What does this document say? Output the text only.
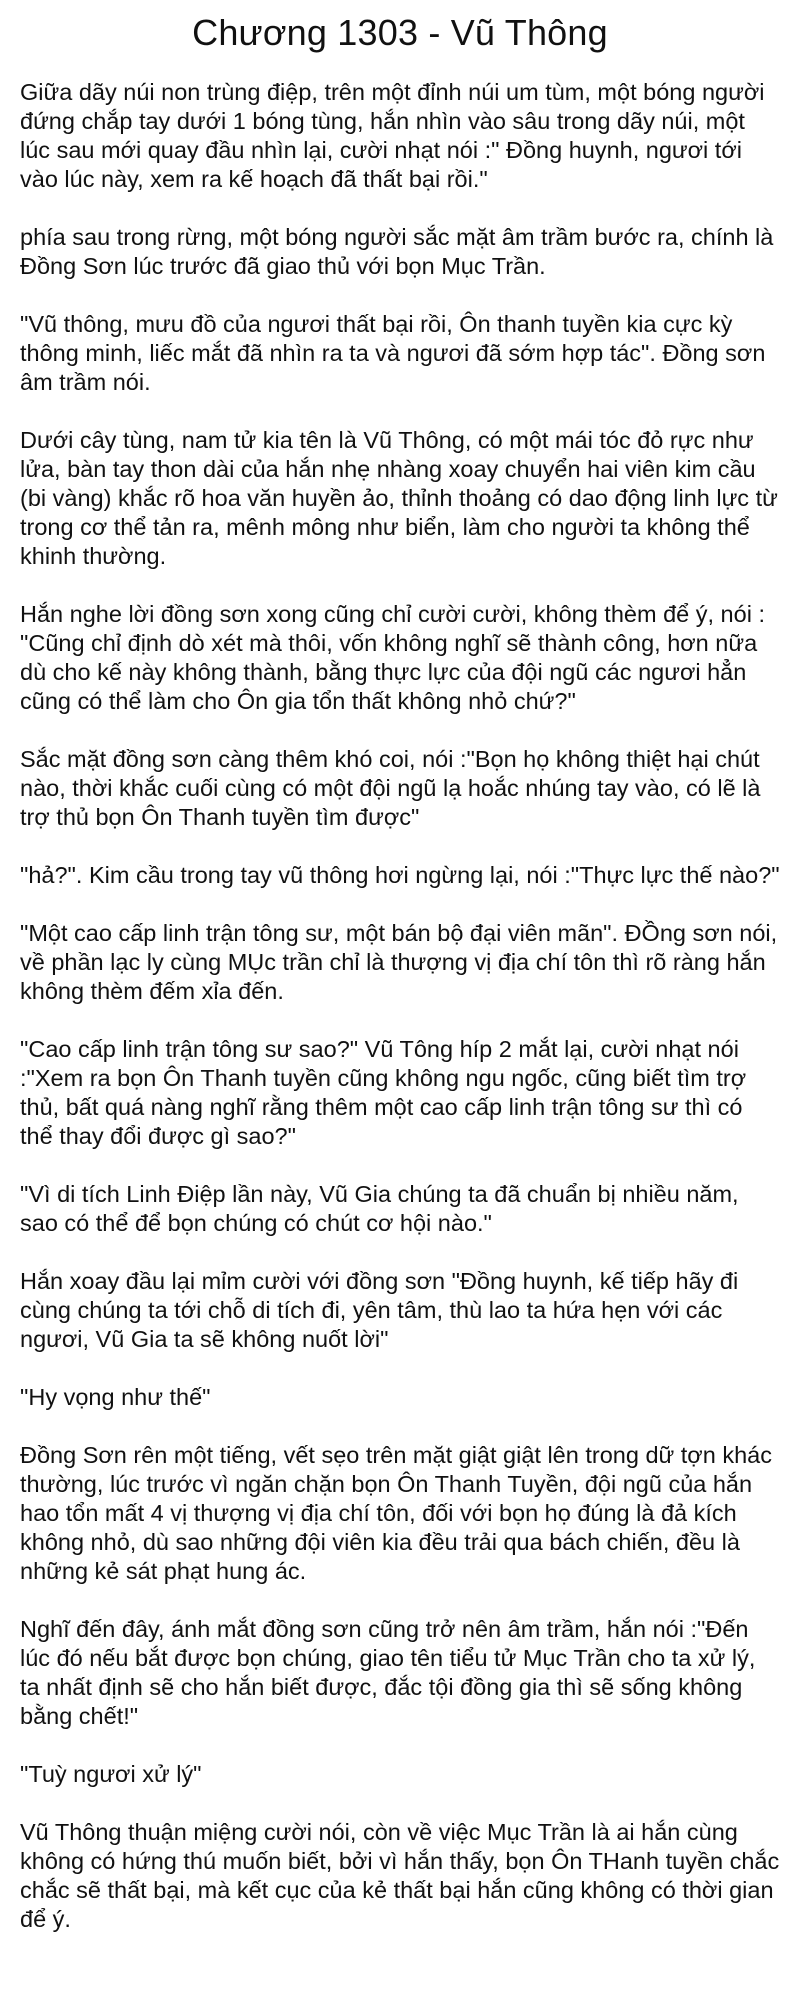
Chương 1303 - Vũ Thông

Giữa dãy núi non trùng điệp, trên một đỉnh núi um tùm, một bóng người đứng chắp tay dưới 1 bóng tùng, hắn nhìn vào sâu trong dãy núi, một lúc sau mới quay đầu nhìn lại, cười nhạt nói :" Đồng huynh, ngươi tới vào lúc này, xem ra kế hoạch đã thất bại rồi."

phía sau trong rừng, một bóng người sắc mặt âm trầm bước ra, chính là Đồng Sơn lúc trước đã giao thủ với bọn Mục Trần.

"Vũ thông, mưu đồ của ngươi thất bại rồi, Ôn thanh tuyền kia cực kỳ thông minh, liếc mắt đã nhìn ra ta và ngươi đã sớm hợp tác". Đồng sơn âm trầm nói.

Dưới cây tùng, nam tử kia tên là Vũ Thông, có một mái tóc đỏ rực như lửa, bàn tay thon dài của hắn nhẹ nhàng xoay chuyển hai viên kim cầu (bi vàng) khắc rõ hoa văn huyền ảo, thỉnh thoảng có dao động linh lực từ trong cơ thể tản ra, mênh mông như biển, làm cho người ta không thể khinh thường.

Hắn nghe lời đồng sơn xong cũng chỉ cười cười, không thèm để ý, nói : "Cũng chỉ định dò xét mà thôi, vốn không nghĩ sẽ thành công, hơn nữa dù cho kế này không thành, bằng thực lực của đội ngũ các ngươi hẳn cũng có thể làm cho Ôn gia tổn thất không nhỏ chứ?"

Sắc mặt đồng sơn càng thêm khó coi, nói :"Bọn họ không thiệt hại chút nào, thời khắc cuối cùng có một đội ngũ lạ hoắc nhúng tay vào, có lẽ là trợ thủ bọn Ôn Thanh tuyền tìm được"

"hả?". Kim cầu trong tay vũ thông hơi ngừng lại, nói :"Thực lực thế nào?"

"Một cao cấp linh trận tông sư, một bán bộ đại viên mãn". ĐỒng sơn nói, về phần lạc ly cùng MỤc trần chỉ là thượng vị địa chí tôn thì rõ ràng hắn không thèm đếm xỉa đến.

"Cao cấp linh trận tông sư sao?" Vũ Tông híp 2 mắt lại, cười nhạt nói :"Xem ra bọn Ôn Thanh tuyền cũng không ngu ngốc, cũng biết tìm trợ thủ, bất quá nàng nghĩ rằng thêm một cao cấp linh trận tông sư thì có thể thay đổi được gì sao?"

"Vì di tích Linh Điệp lần này, Vũ Gia chúng ta đã chuẩn bị nhiều năm, sao có thể để bọn chúng có chút cơ hội nào."

Hắn xoay đầu lại mỉm cười với đồng sơn "Đồng huynh, kế tiếp hãy đi cùng chúng ta tới chỗ di tích đi, yên tâm, thù lao ta hứa hẹn với các ngươi, Vũ Gia ta sẽ không nuốt lời"

"Hy vọng như thế"

Đồng Sơn rên một tiếng, vết sẹo trên mặt giật giật lên trong dữ tợn khác thường, lúc trước vì ngăn chặn bọn Ôn Thanh Tuyền, đội ngũ của hắn hao tổn mất 4 vị thượng vị địa chí tôn, đối với bọn họ đúng là đả kích không nhỏ, dù sao những đội viên kia đều trải qua bách chiến, đều là những kẻ sát phạt hung ác.

Nghĩ đến đây, ánh mắt đồng sơn cũng trở nên âm trầm, hắn nói :"Đến lúc đó nếu bắt được bọn chúng, giao tên tiểu tử Mục Trần cho ta xử lý, ta nhất định sẽ cho hắn biết được, đắc tội đồng gia thì sẽ sống không bằng chết!"

"Tuỳ ngươi xử lý"

Vũ Thông thuận miệng cười nói, còn về việc Mục Trần là ai hắn cùng không có hứng thú muốn biết, bởi vì hắn thấy, bọn Ôn THanh tuyền chắc chắc sẽ thất bại, mà kết cục của kẻ thất bại hắn cũng không có thời gian để ý.
